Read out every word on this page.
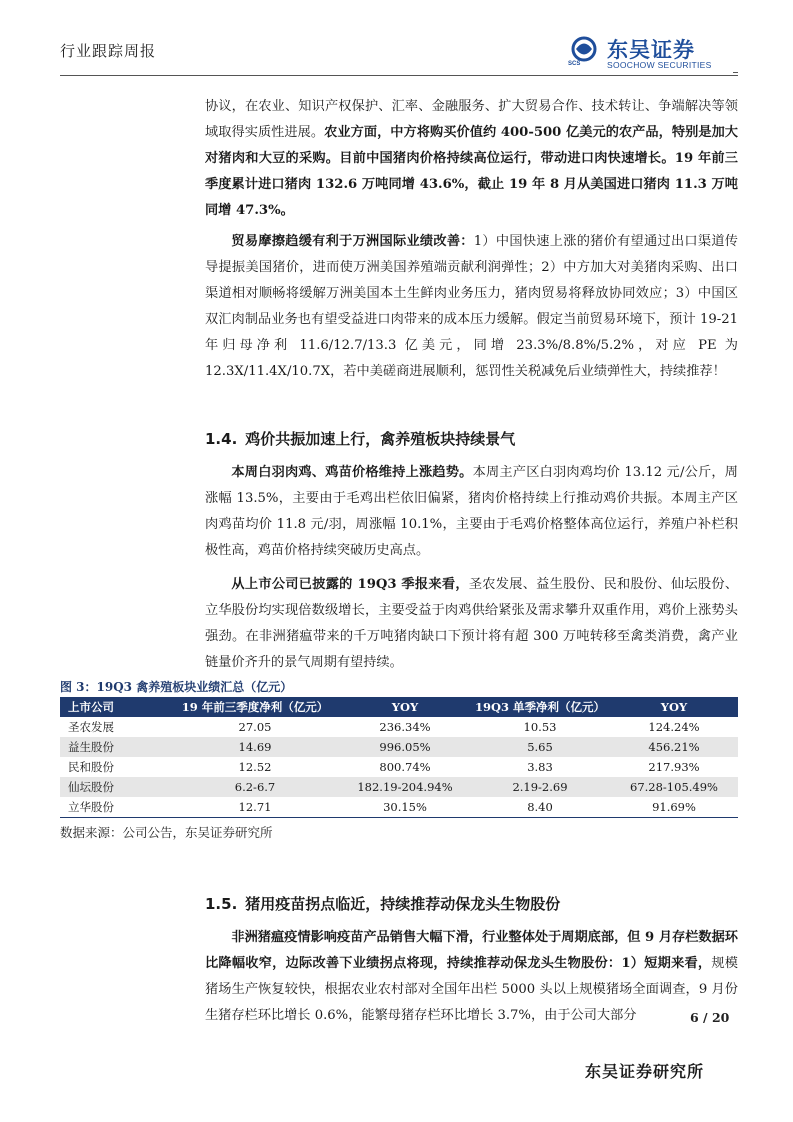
行业跟踪周报
SCS
东吴证券
SOOCHOW SECURITIES

协议，在农业、知识产权保护、汇率、金融服务、扩大贸易合作、技术转让、争端解决等领域取得实质性进展。农业方面，中方将购买价值约 400-500 亿美元的农产品，特别是加大对猪肉和大豆的采购。目前中国猪肉价格持续高位运行，带动进口肉快速增长。19 年前三季度累计进口猪肉 132.6 万吨同增 43.6%，截止 19 年 8 月从美国进口猪肉 11.3 万吨同增 47.3%。

贸易摩擦趋缓有利于万洲国际业绩改善：1）中国快速上涨的猪价有望通过出口渠道传导提振美国猪价，进而使万洲美国养殖端贡献利润弹性；2）中方加大对美猪肉采购、出口渠道相对顺畅将缓解万洲美国本土生鲜肉业务压力，猪肉贸易将释放协同效应；3）中国区双汇肉制品业务也有望受益进口肉带来的成本压力缓解。假定当前贸易环境下，预计 19-21 年归母净利 11.6/12.7/13.3 亿美元，同增 23.3%/8.8%/5.2%，对应 PE 为 12.3X/11.4X/10.7X，若中美磋商进展顺利，惩罚性关税减免后业绩弹性大，持续推荐！

1.4. 鸡价共振加速上行，禽养殖板块持续景气

本周白羽肉鸡、鸡苗价格维持上涨趋势。本周主产区白羽肉鸡均价 13.12 元/公斤，周涨幅 13.5%，主要由于毛鸡出栏依旧偏紧，猪肉价格持续上行推动鸡价共振。本周主产区肉鸡苗均价 11.8 元/羽，周涨幅 10.1%，主要由于毛鸡价格整体高位运行，养殖户补栏积极性高，鸡苗价格持续突破历史高点。

从上市公司已披露的 19Q3 季报来看，圣农发展、益生股份、民和股份、仙坛股份、立华股份均实现倍数级增长，主要受益于肉鸡供给紧张及需求攀升双重作用，鸡价上涨势头强劲。在非洲猪瘟带来的千万吨猪肉缺口下预计将有超 300 万吨转移至禽类消费，禽产业链量价齐升的景气周期有望持续。

图 3：19Q3 禽养殖板块业绩汇总（亿元）
上市公司	19 年前三季度净利（亿元）	YOY	19Q3 单季净利（亿元）	YOY
圣农发展	27.05	236.34%	10.53	124.24%
益生股份	14.69	996.05%	5.65	456.21%
民和股份	12.52	800.74%	3.83	217.93%
仙坛股份	6.2-6.7	182.19-204.94%	2.19-2.69	67.28-105.49%
立华股份	12.71	30.15%	8.40	91.69%
数据来源：公司公告，东吴证券研究所
1.5. 猪用疫苗拐点临近，持续推荐动保龙头生物股份

非洲猪瘟疫情影响疫苗产品销售大幅下滑，行业整体处于周期底部，但 9 月存栏数据环比降幅收窄，边际改善下业绩拐点将现，持续推荐动保龙头生物股份：1）短期来看，规模猪场生产恢复较快，根据农业农村部对全国年出栏 5000 头以上规模猪场全面调查，9 月份生猪存栏环比增长 0.6%，能繁母猪存栏环比增长 3.7%，由于公司大部分	6 / 20
东吴证券研究所
